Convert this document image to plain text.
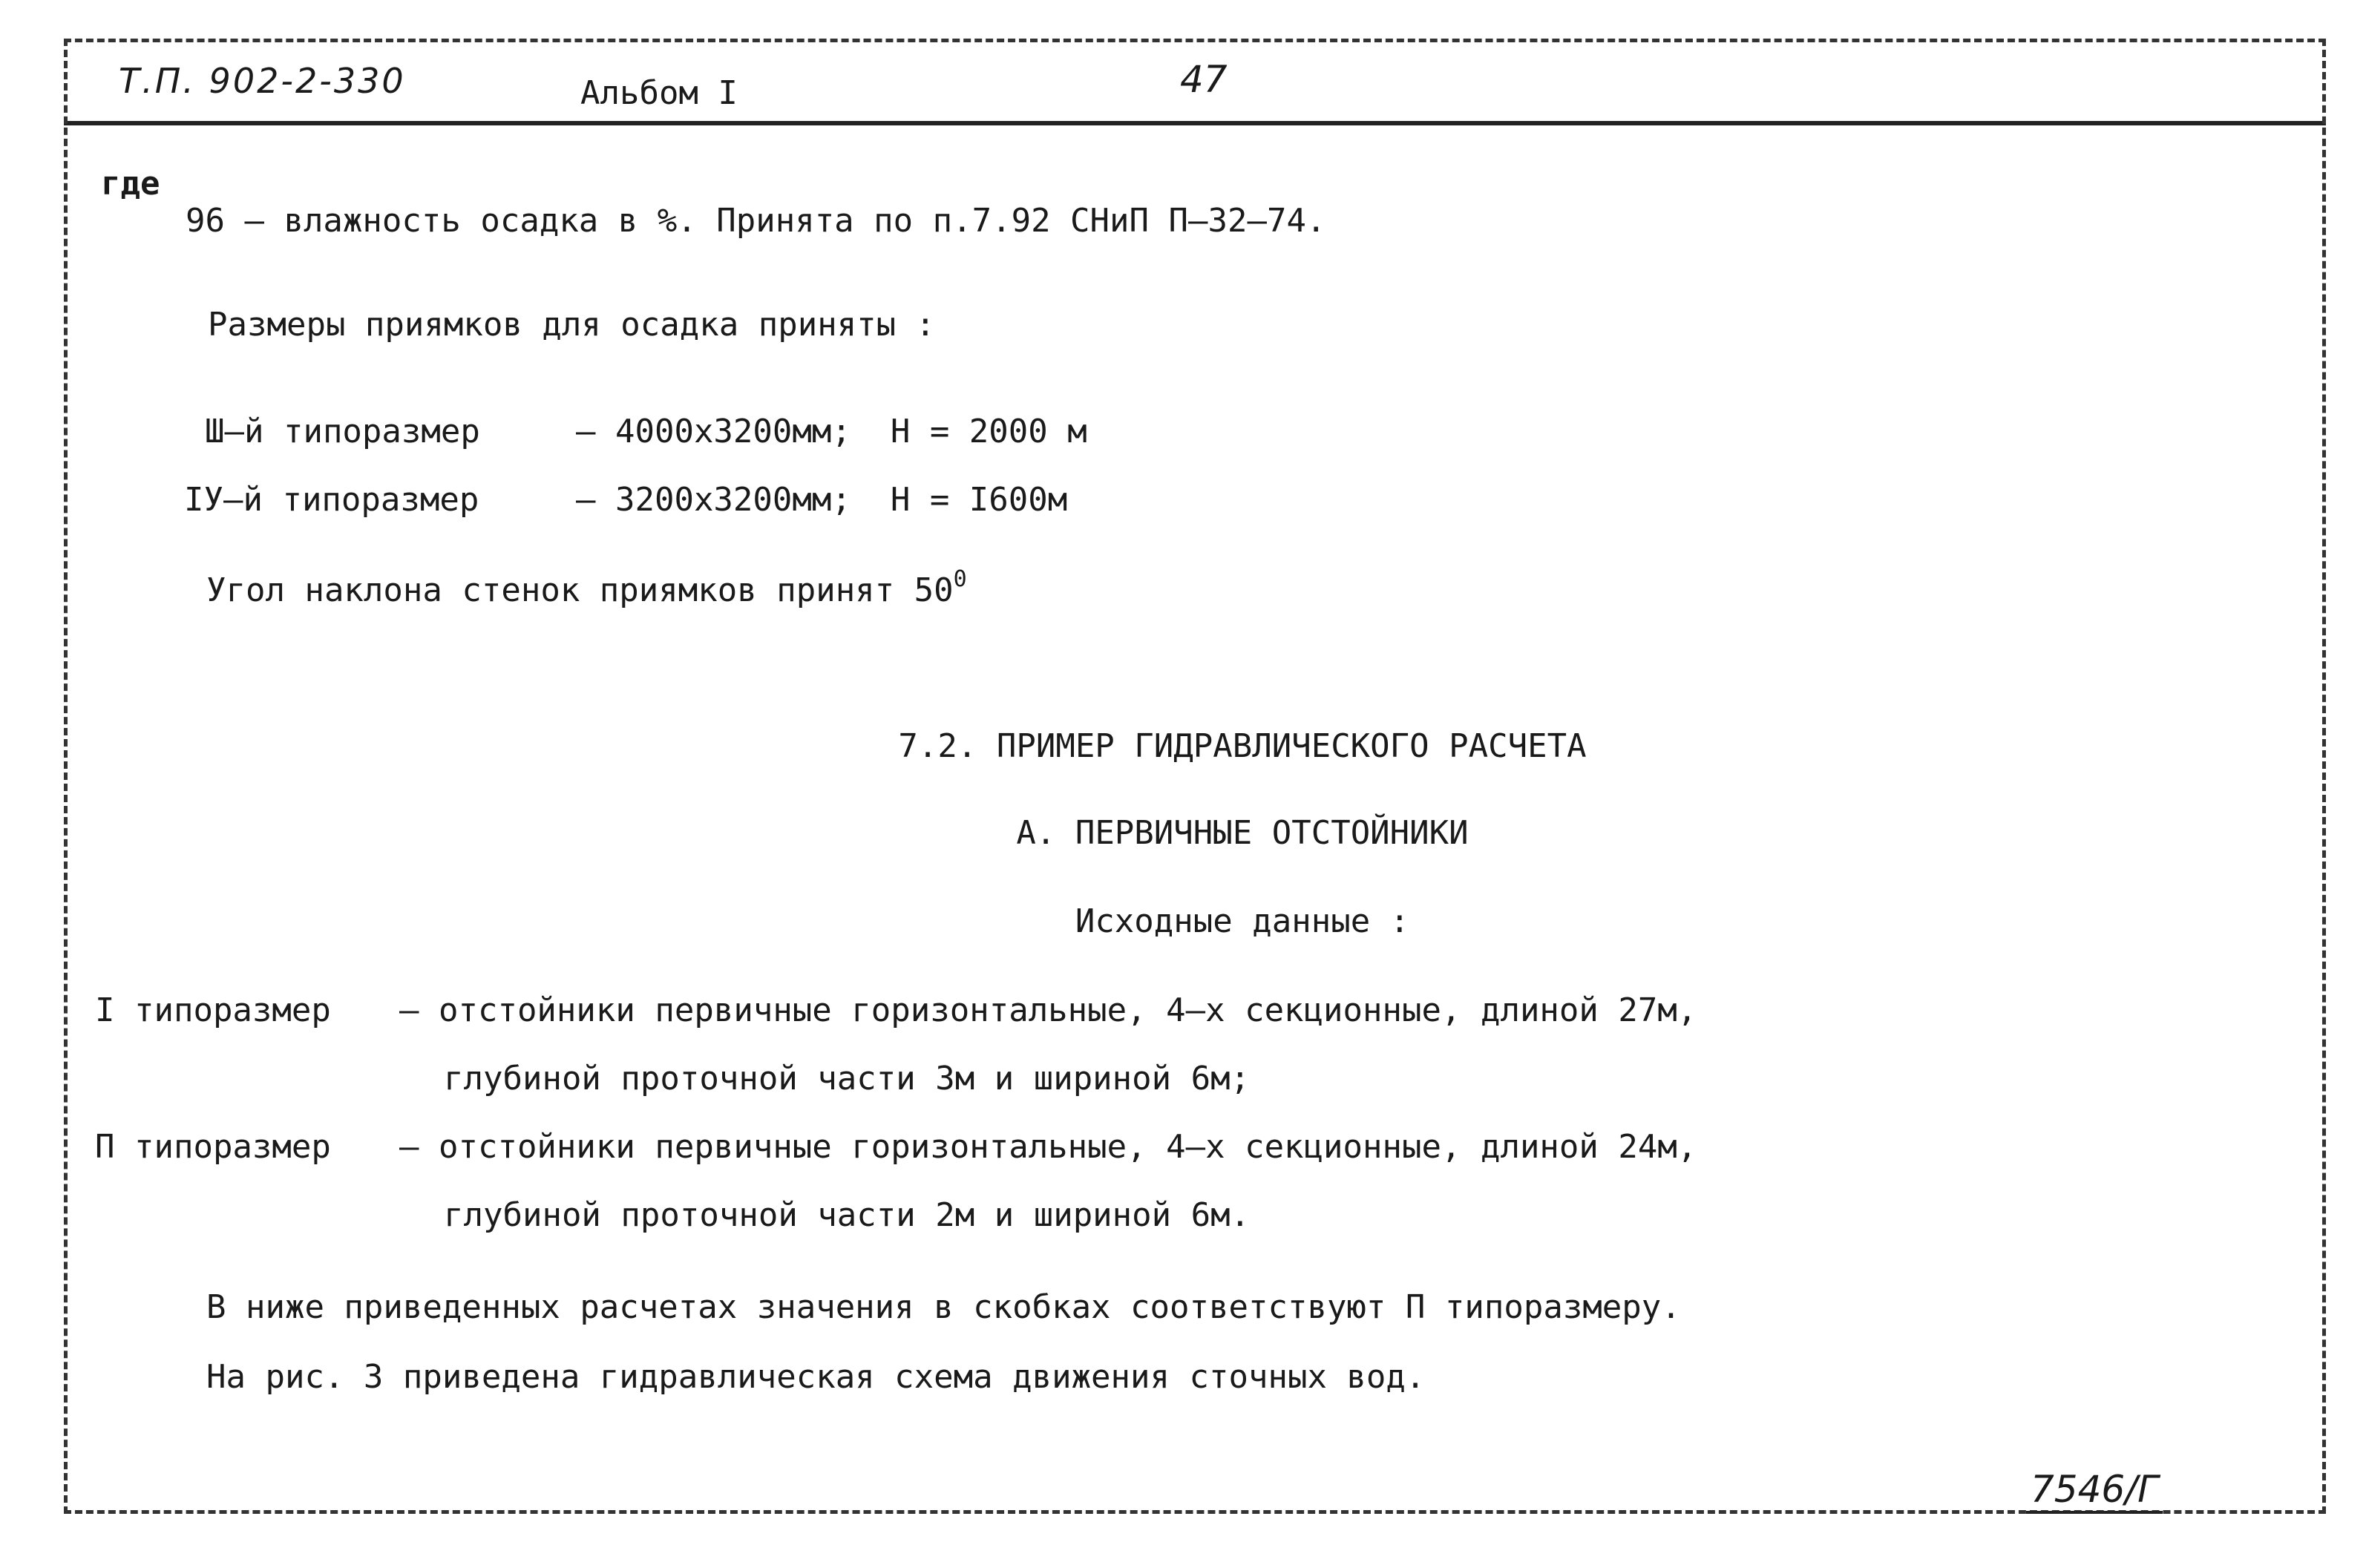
Т.П. 902-2-330	Альбом I	47
где
96 – влажность осадка в %. Принята по п.7.92 СНиП П–32–74.
Размеры приямков для осадка приняты :
Ш–й типоразмер	– 4000x3200мм;  Н = 2000 м
IУ–й типоразмер	– 3200x3200мм;  Н = I600м
Угол наклона стенок приямков принят $50^0$
7.2. ПРИМЕР ГИДРАВЛИЧЕСКОГО РАСЧЕТА
А. ПЕРВИЧНЫЕ ОТСТОЙНИКИ
Исходные данные :
I типоразмер – отстойники первичные горизонтальные, 4–х секционные, длиной 27м,
глубиной проточной части 3м и шириной 6м;
П типоразмер – отстойники первичные горизонтальные, 4–х секционные, длиной 24м,
глубиной проточной части 2м и шириной 6м.
В ниже приведенных расчетах значения в скобках соответствуют П типоразмеру.
На рис. 3 приведена гидравлическая схема движения сточных вод.
7546/Г
